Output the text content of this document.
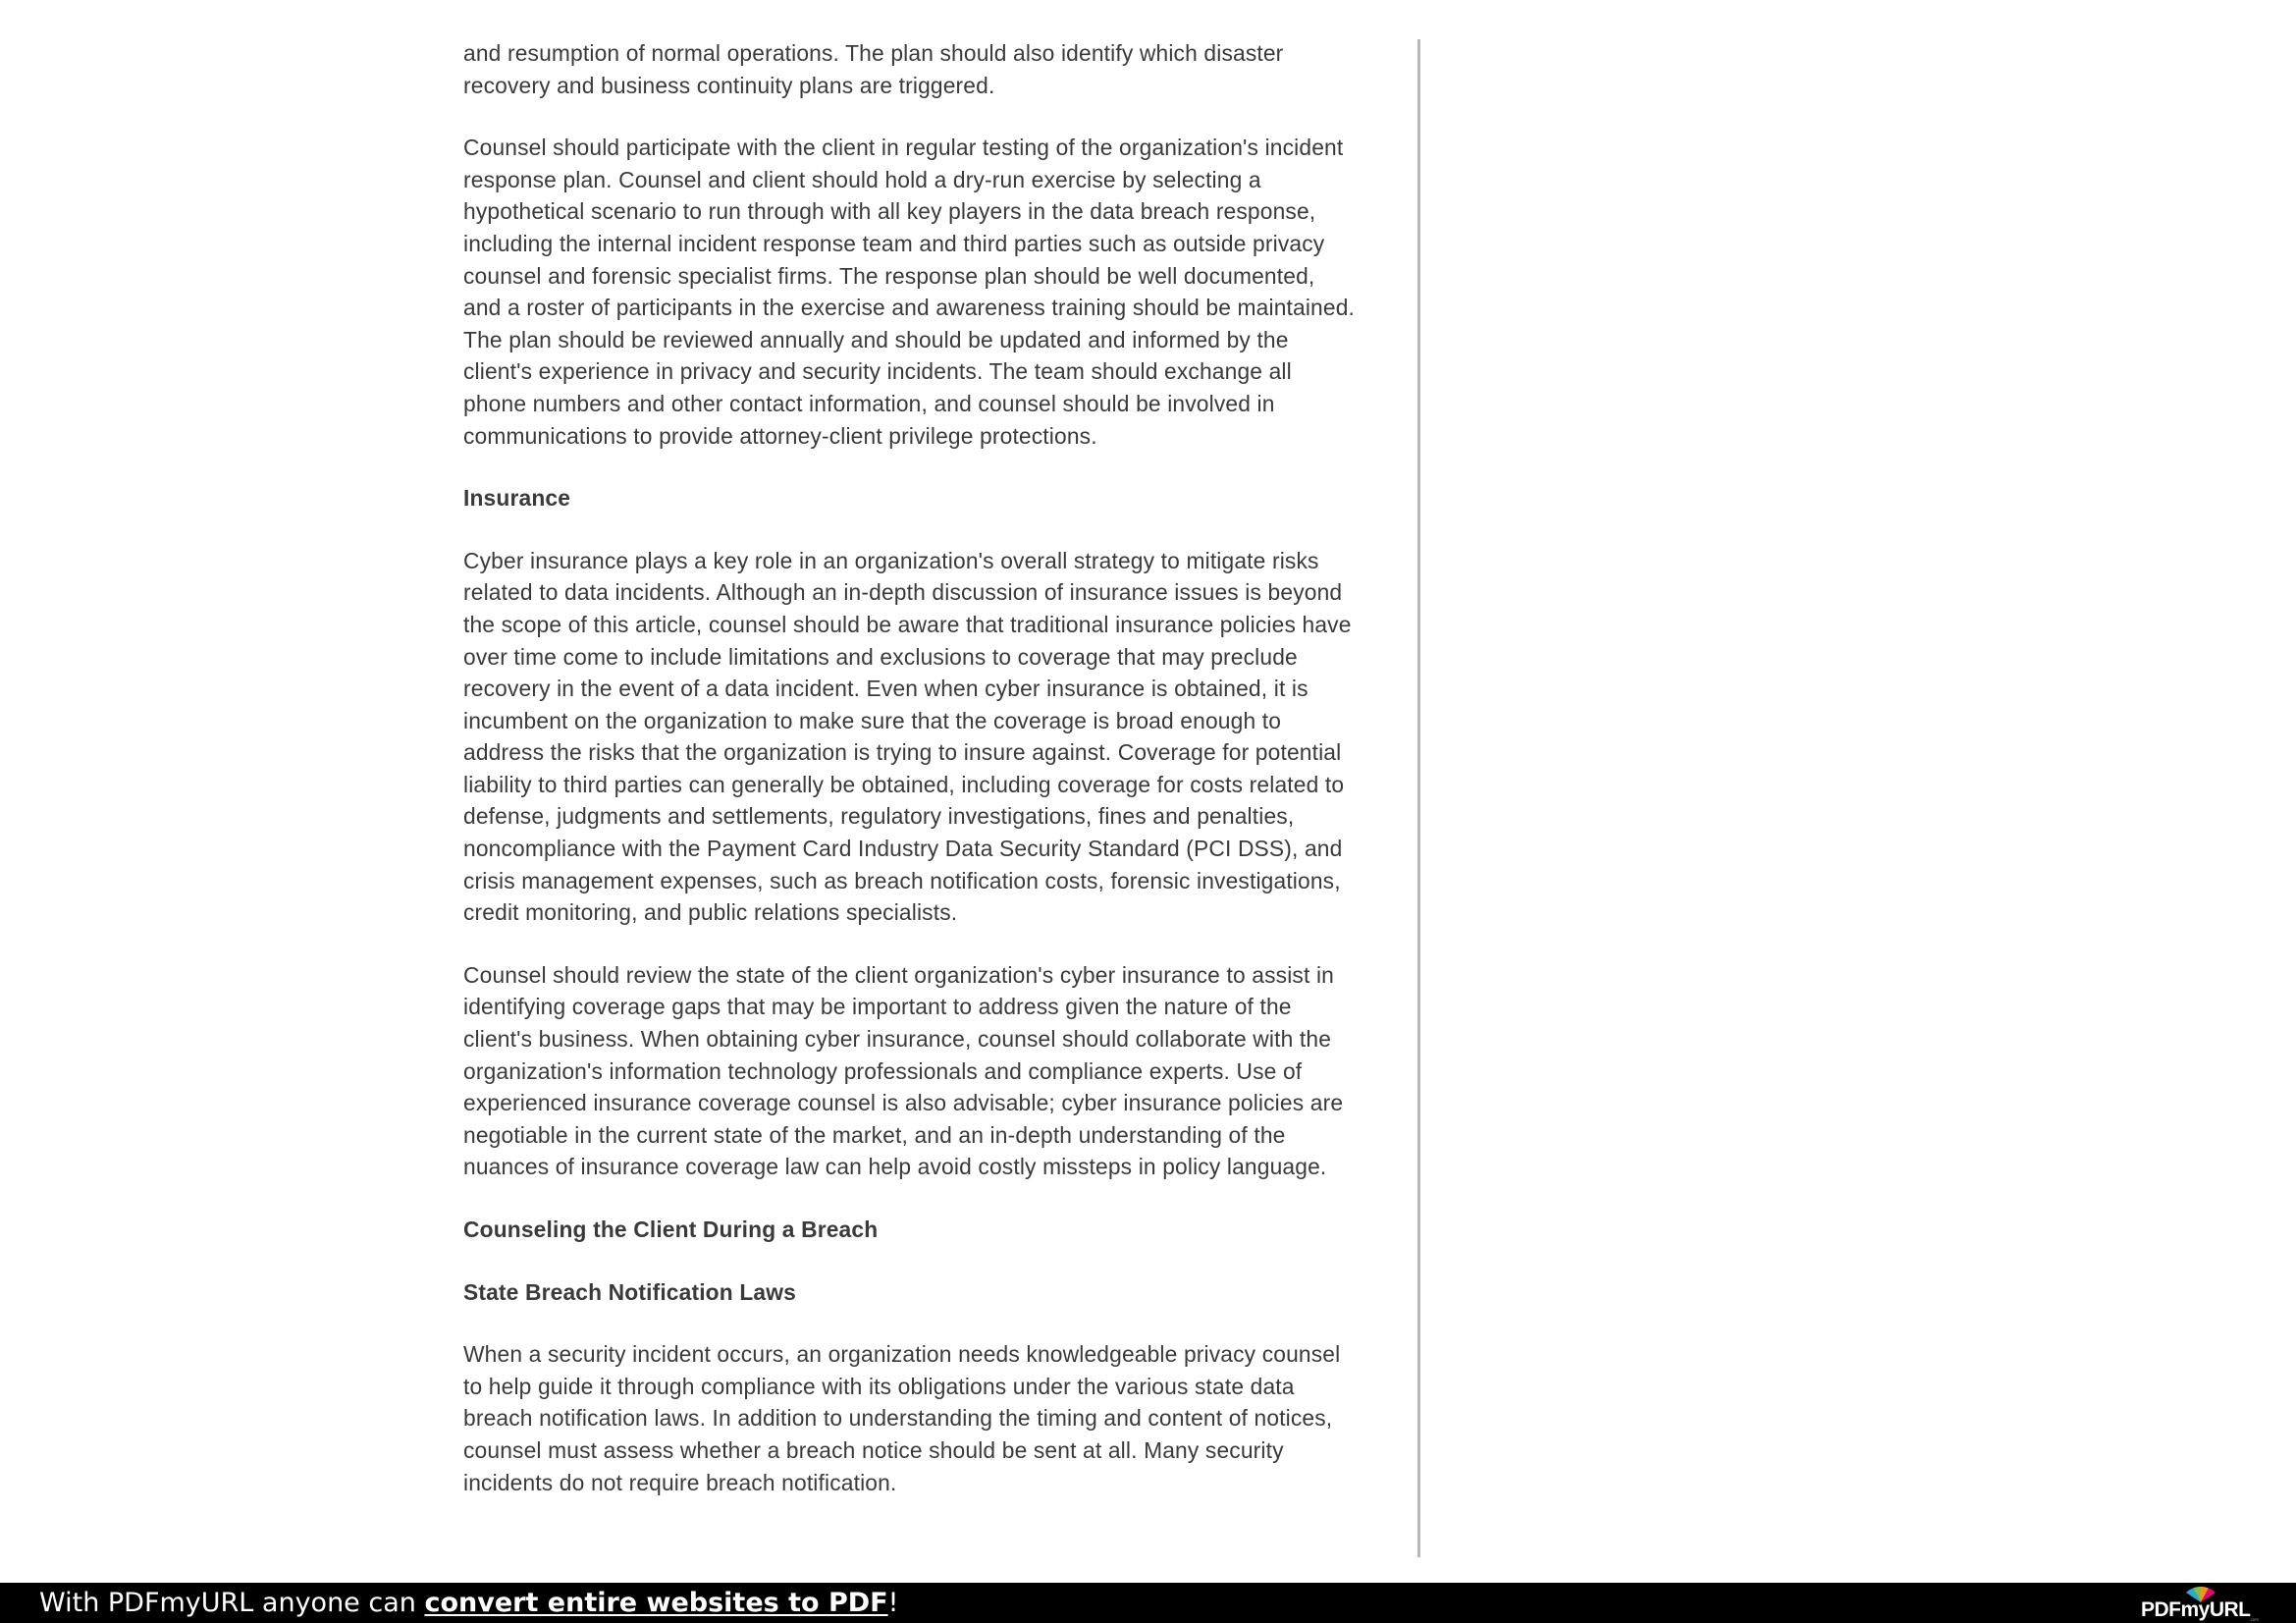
and resumption of normal operations. The plan should also identify which disaster recovery and business continuity plans are triggered.

Counsel should participate with the client in regular testing of the organization's incident response plan. Counsel and client should hold a dry-run exercise by selecting a hypothetical scenario to run through with all key players in the data breach response, including the internal incident response team and third parties such as outside privacy counsel and forensic specialist firms. The response plan should be well documented, and a roster of participants in the exercise and awareness training should be maintained. The plan should be reviewed annually and should be updated and informed by the client's experience in privacy and security incidents. The team should exchange all phone numbers and other contact information, and counsel should be involved in communications to provide attorney-client privilege protections.

Insurance

Cyber insurance plays a key role in an organization's overall strategy to mitigate risks related to data incidents. Although an in-depth discussion of insurance issues is beyond the scope of this article, counsel should be aware that traditional insurance policies have over time come to include limitations and exclusions to coverage that may preclude recovery in the event of a data incident. Even when cyber insurance is obtained, it is incumbent on the organization to make sure that the coverage is broad enough to address the risks that the organization is trying to insure against. Coverage for potential liability to third parties can generally be obtained, including coverage for costs related to defense, judgments and settlements, regulatory investigations, fines and penalties, noncompliance with the Payment Card Industry Data Security Standard (PCI DSS), and crisis management expenses, such as breach notification costs, forensic investigations, credit monitoring, and public relations specialists.

Counsel should review the state of the client organization's cyber insurance to assist in identifying coverage gaps that may be important to address given the nature of the client's business. When obtaining cyber insurance, counsel should collaborate with the organization's information technology professionals and compliance experts. Use of experienced insurance coverage counsel is also advisable; cyber insurance policies are negotiable in the current state of the market, and an in-depth understanding of the nuances of insurance coverage law can help avoid costly missteps in policy language.

Counseling the Client During a Breach
State Breach Notification Laws

When a security incident occurs, an organization needs knowledgeable privacy counsel to help guide it through compliance with its obligations under the various state data breach notification laws. In addition to understanding the timing and content of notices, counsel must assess whether a breach notice should be sent at all. Many security incidents do not require breach notification.

With PDFmyURL anyone can convert entire websites to PDF!	PDFmyURL
.com
